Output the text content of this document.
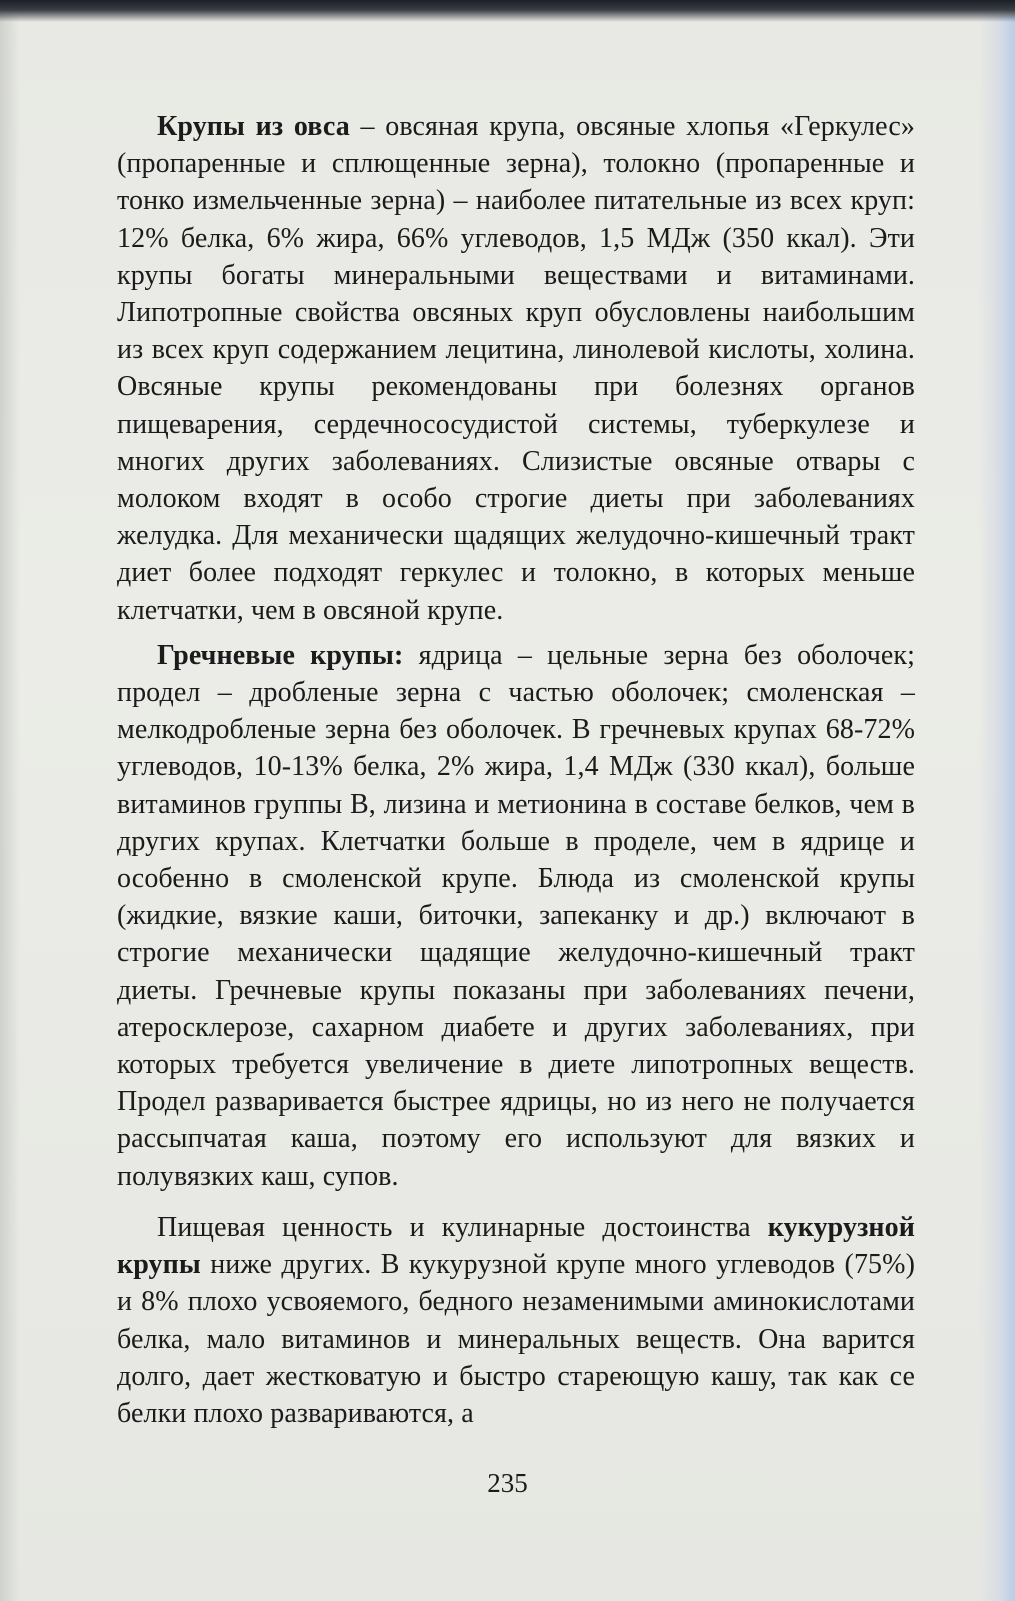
Крупы из овса – овсяная крупа, овсяные хлопья «Геркулес» (пропаренные и сплющенные зерна), толокно (пропаренные и тонко измельченные зерна) – наиболее питательные из всех круп: 12% белка, 6% жира, 66% углеводов, 1,5 МДж (350 ккал). Эти крупы богаты минеральными веществами и витаминами. Липотропные свойства овсяных круп обусловлены наибольшим из всех круп содержанием лецитина, линолевой кислоты, холина. Овсяные крупы рекомендованы при болезнях органов пищеварения, сердечнососудистой системы, туберкулезе и многих других заболеваниях. Слизистые овсяные отвары с молоком входят в особо строгие диеты при заболеваниях желудка. Для механически щадящих желудочно-кишечный тракт диет более подходят геркулес и толокно, в которых меньше клетчатки, чем в овсяной крупе.

Гречневые крупы: ядрица – цельные зерна без оболочек; продел – дробленые зерна с частью оболочек; смоленская – мелкодробленые зерна без оболочек. В гречневых крупах 68-72% углеводов, 10-13% белка, 2% жира, 1,4 МДж (330 ккал), больше витаминов группы В, лизина и метионина в составе белков, чем в других крупах. Клетчатки больше в проделе, чем в ядрице и особенно в смоленской крупе. Блюда из смоленской крупы (жидкие, вязкие каши, биточки, запеканку и др.) включают в строгие механически щадящие желудочно-кишечный тракт диеты. Гречневые крупы показаны при заболеваниях печени, атеросклерозе, сахарном диабете и других заболеваниях, при которых требуется увеличение в диете липотропных веществ. Продел разваривается быстрее ядрицы, но из него не получается рассыпчатая каша, поэтому его используют для вязких и полувязких каш, супов.

Пищевая ценность и кулинарные достоинства кукурузной крупы ниже других. В кукурузной крупе много углеводов (75%) и 8% плохо усвояемого, бедного незаменимыми аминокислотами белка, мало витаминов и минеральных веществ. Она варится долго, дает жестковатую и быстро стареющую кашу, так как се белки плохо развариваются, а

235
